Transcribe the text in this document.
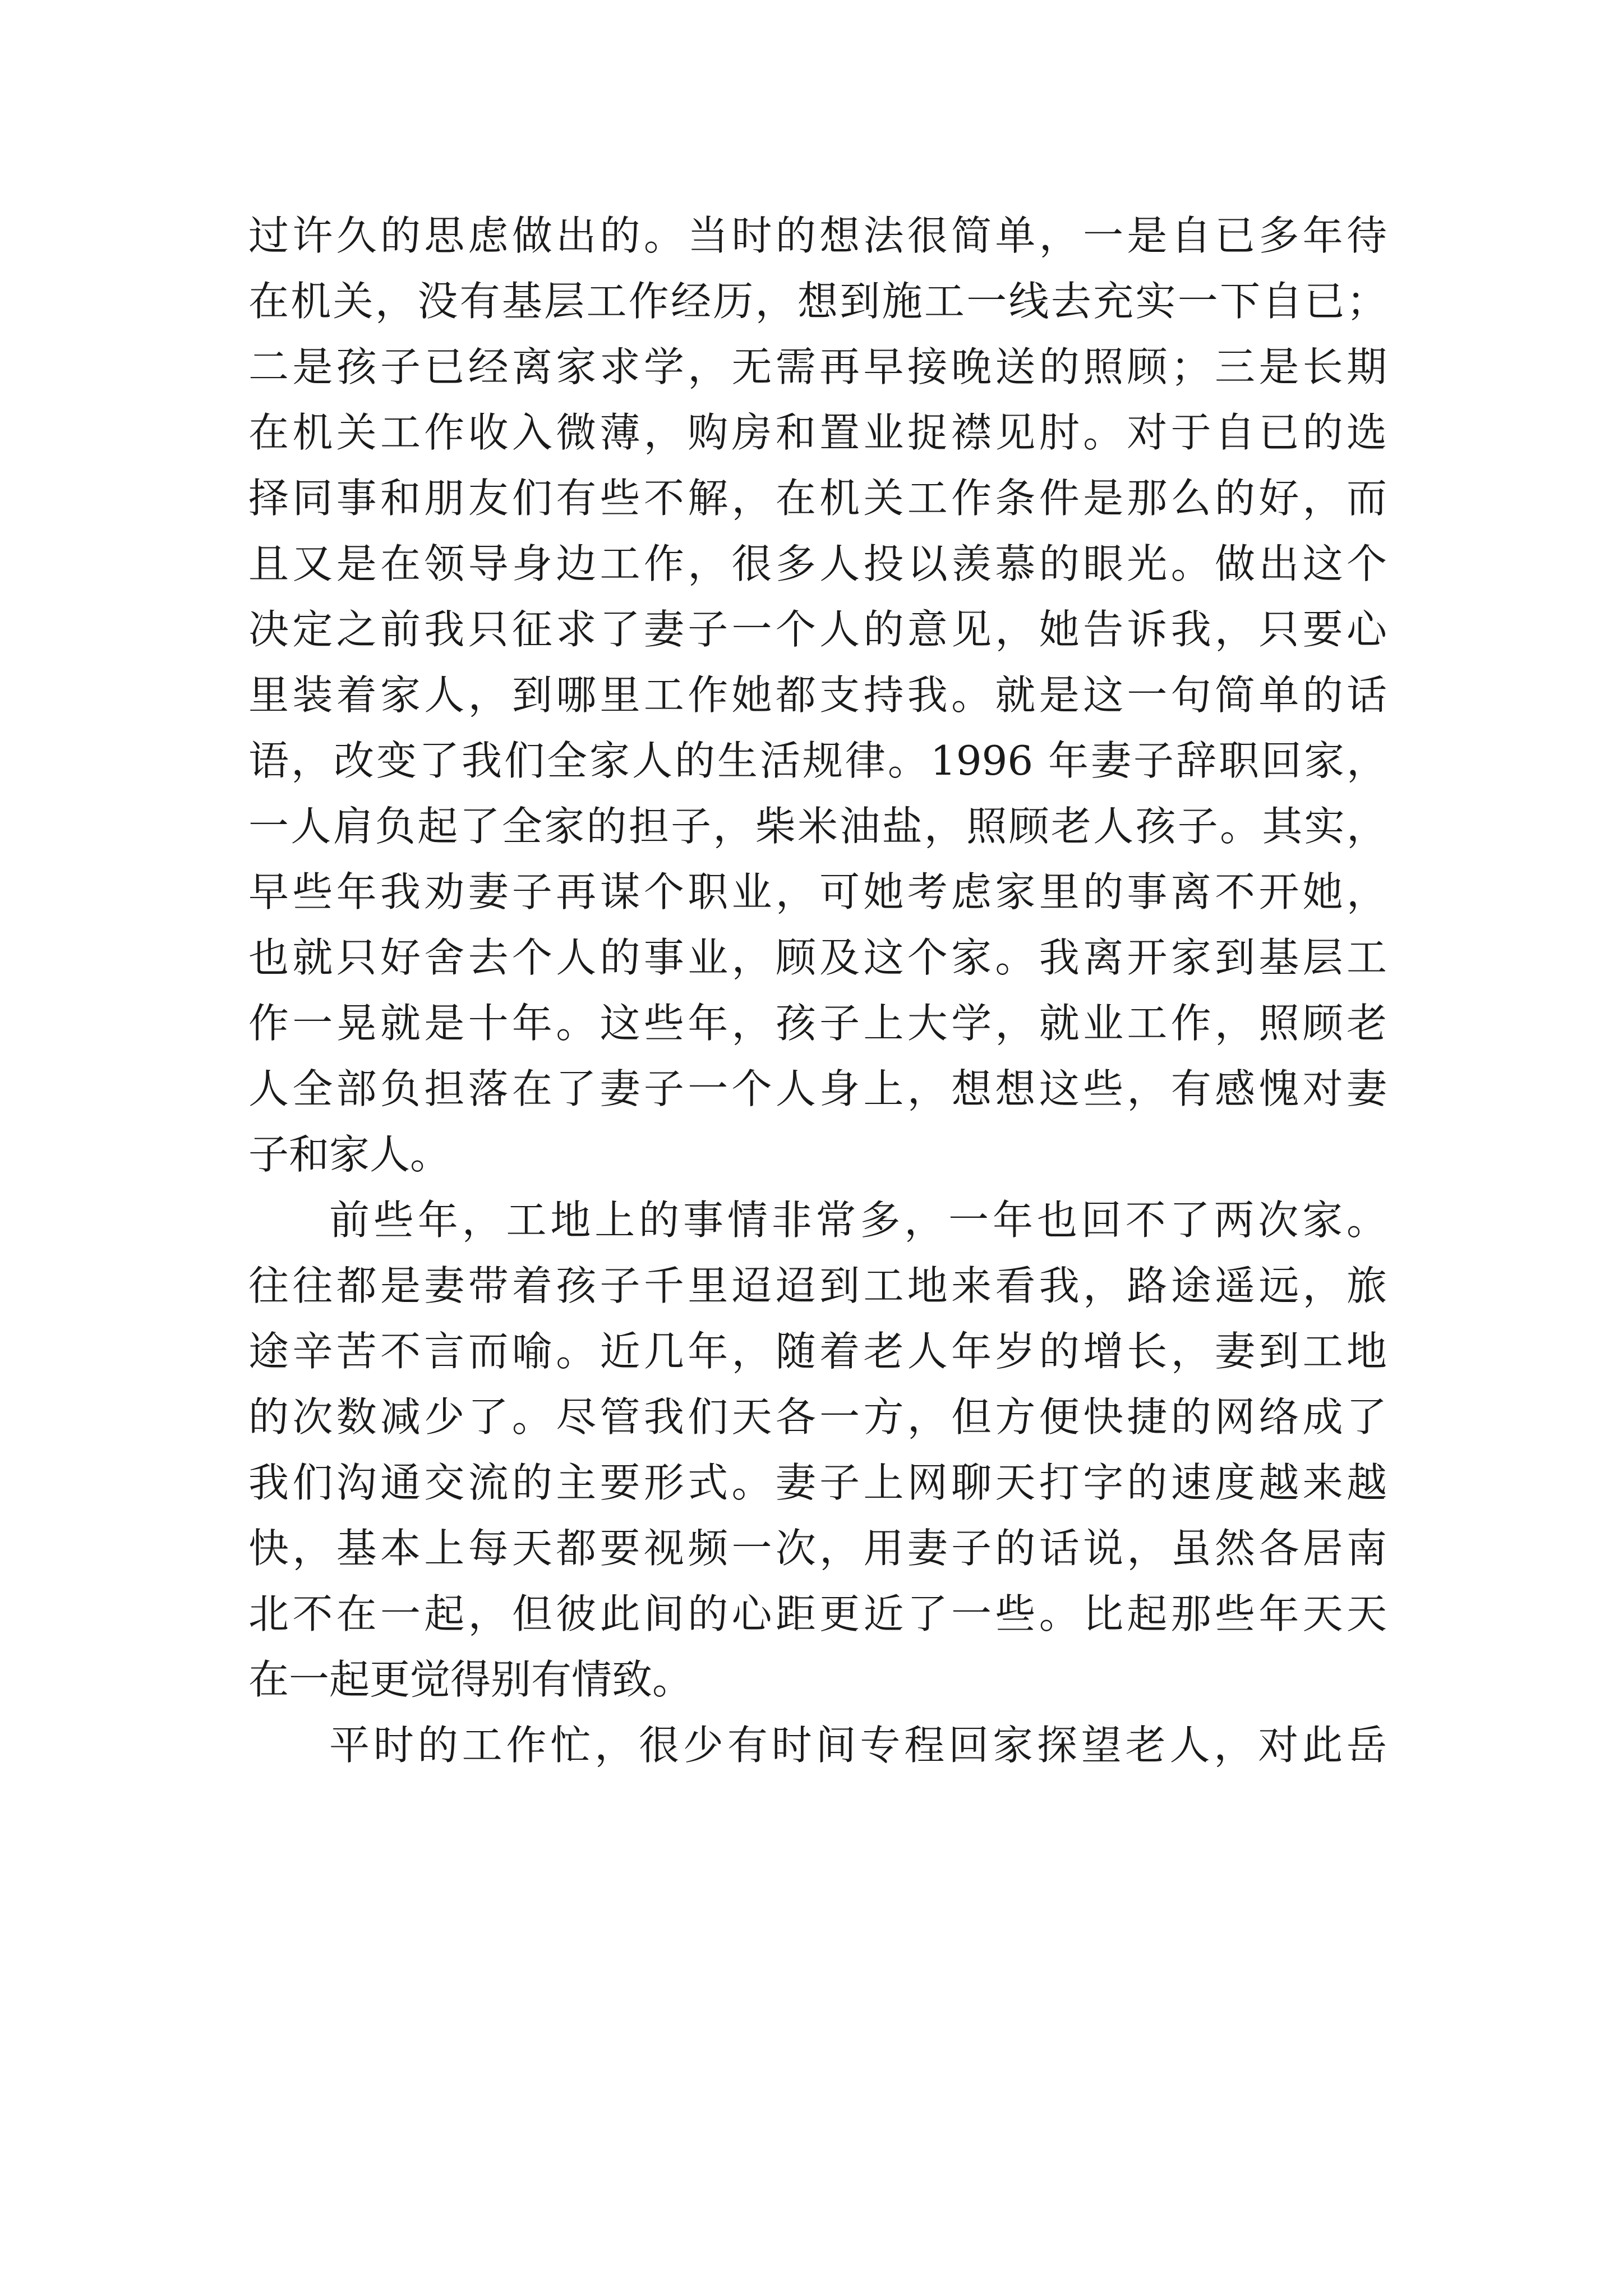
过许久的思虑做出的。当时的想法很简单，一是自已多年待
在机关，没有基层工作经历，想到施工一线去充实一下自已；
二是孩子已经离家求学，无需再早接晚送的照顾；三是长期
在机关工作收入微薄，购房和置业捉襟见肘。对于自已的选
择同事和朋友们有些不解，在机关工作条件是那么的好，而
且又是在领导身边工作，很多人投以羡慕的眼光。做出这个
决定之前我只征求了妻子一个人的意见，她告诉我，只要心
里装着家人，到哪里工作她都支持我。就是这一句简单的话
语，改变了我们全家人的生活规律。1996 年妻子辞职回家，
一人肩负起了全家的担子，柴米油盐，照顾老人孩子。其实，
早些年我劝妻子再谋个职业，可她考虑家里的事离不开她，
也就只好舍去个人的事业，顾及这个家。我离开家到基层工
作一晃就是十年。这些年，孩子上大学，就业工作，照顾老
人全部负担落在了妻子一个人身上，想想这些，有感愧对妻
子和家人。
前些年，工地上的事情非常多，一年也回不了两次家。
往往都是妻带着孩子千里迢迢到工地来看我，路途遥远，旅
途辛苦不言而喻。近几年，随着老人年岁的增长，妻到工地
的次数减少了。尽管我们天各一方，但方便快捷的网络成了
我们沟通交流的主要形式。妻子上网聊天打字的速度越来越
快，基本上每天都要视频一次，用妻子的话说，虽然各居南
北不在一起，但彼此间的心距更近了一些。比起那些年天天
在一起更觉得别有情致。
平时的工作忙，很少有时间专程回家探望老人，对此岳
